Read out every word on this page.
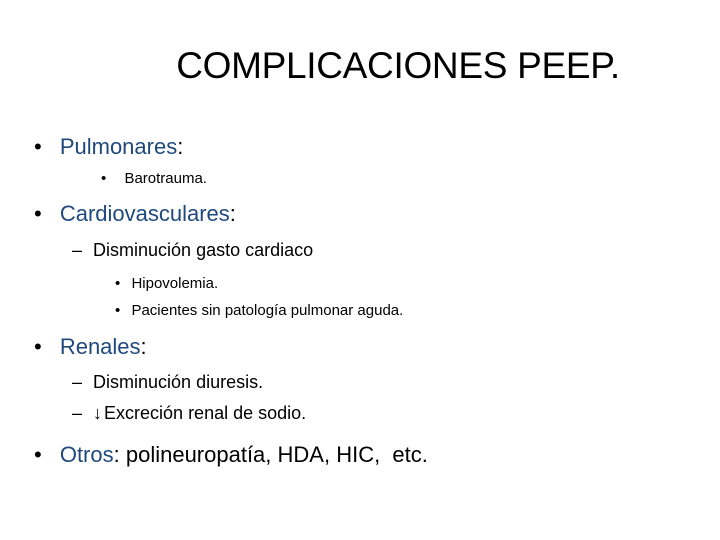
COMPLICACIONES PEEP.
• Pulmonares:
• Barotrauma.
• Cardiovasculares:
– Disminución gasto cardiaco
• Hipovolemia.
• Pacientes sin patología pulmonar aguda.
• Renales:
– Disminución diuresis.
– ↓ Excreción renal de sodio.
• Otros: polineuropatía, HDA, HIC,  etc.
